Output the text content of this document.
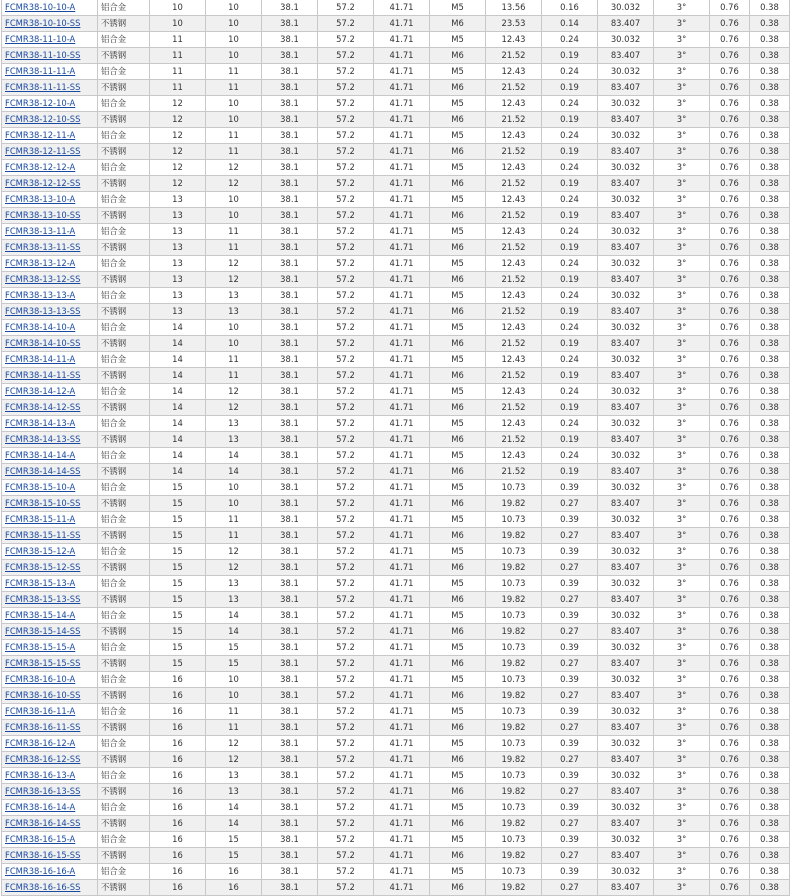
FCMR38-10-10-A	铝合金	10	10	38.1	57.2	41.71	M5	13.56	0.16	30.032	3°	0.76	0.38
FCMR38-10-10-SS	不锈钢	10	10	38.1	57.2	41.71	M6	23.53	0.14	83.407	3°	0.76	0.38
FCMR38-11-10-A	铝合金	11	10	38.1	57.2	41.71	M5	12.43	0.24	30.032	3°	0.76	0.38
FCMR38-11-10-SS	不锈钢	11	10	38.1	57.2	41.71	M6	21.52	0.19	83.407	3°	0.76	0.38
FCMR38-11-11-A	铝合金	11	11	38.1	57.2	41.71	M5	12.43	0.24	30.032	3°	0.76	0.38
FCMR38-11-11-SS	不锈钢	11	11	38.1	57.2	41.71	M6	21.52	0.19	83.407	3°	0.76	0.38
FCMR38-12-10-A	铝合金	12	10	38.1	57.2	41.71	M5	12.43	0.24	30.032	3°	0.76	0.38
FCMR38-12-10-SS	不锈钢	12	10	38.1	57.2	41.71	M6	21.52	0.19	83.407	3°	0.76	0.38
FCMR38-12-11-A	铝合金	12	11	38.1	57.2	41.71	M5	12.43	0.24	30.032	3°	0.76	0.38
FCMR38-12-11-SS	不锈钢	12	11	38.1	57.2	41.71	M6	21.52	0.19	83.407	3°	0.76	0.38
FCMR38-12-12-A	铝合金	12	12	38.1	57.2	41.71	M5	12.43	0.24	30.032	3°	0.76	0.38
FCMR38-12-12-SS	不锈钢	12	12	38.1	57.2	41.71	M6	21.52	0.19	83.407	3°	0.76	0.38
FCMR38-13-10-A	铝合金	13	10	38.1	57.2	41.71	M5	12.43	0.24	30.032	3°	0.76	0.38
FCMR38-13-10-SS	不锈钢	13	10	38.1	57.2	41.71	M6	21.52	0.19	83.407	3°	0.76	0.38
FCMR38-13-11-A	铝合金	13	11	38.1	57.2	41.71	M5	12.43	0.24	30.032	3°	0.76	0.38
FCMR38-13-11-SS	不锈钢	13	11	38.1	57.2	41.71	M6	21.52	0.19	83.407	3°	0.76	0.38
FCMR38-13-12-A	铝合金	13	12	38.1	57.2	41.71	M5	12.43	0.24	30.032	3°	0.76	0.38
FCMR38-13-12-SS	不锈钢	13	12	38.1	57.2	41.71	M6	21.52	0.19	83.407	3°	0.76	0.38
FCMR38-13-13-A	铝合金	13	13	38.1	57.2	41.71	M5	12.43	0.24	30.032	3°	0.76	0.38
FCMR38-13-13-SS	不锈钢	13	13	38.1	57.2	41.71	M6	21.52	0.19	83.407	3°	0.76	0.38
FCMR38-14-10-A	铝合金	14	10	38.1	57.2	41.71	M5	12.43	0.24	30.032	3°	0.76	0.38
FCMR38-14-10-SS	不锈钢	14	10	38.1	57.2	41.71	M6	21.52	0.19	83.407	3°	0.76	0.38
FCMR38-14-11-A	铝合金	14	11	38.1	57.2	41.71	M5	12.43	0.24	30.032	3°	0.76	0.38
FCMR38-14-11-SS	不锈钢	14	11	38.1	57.2	41.71	M6	21.52	0.19	83.407	3°	0.76	0.38
FCMR38-14-12-A	铝合金	14	12	38.1	57.2	41.71	M5	12.43	0.24	30.032	3°	0.76	0.38
FCMR38-14-12-SS	不锈钢	14	12	38.1	57.2	41.71	M6	21.52	0.19	83.407	3°	0.76	0.38
FCMR38-14-13-A	铝合金	14	13	38.1	57.2	41.71	M5	12.43	0.24	30.032	3°	0.76	0.38
FCMR38-14-13-SS	不锈钢	14	13	38.1	57.2	41.71	M6	21.52	0.19	83.407	3°	0.76	0.38
FCMR38-14-14-A	铝合金	14	14	38.1	57.2	41.71	M5	12.43	0.24	30.032	3°	0.76	0.38
FCMR38-14-14-SS	不锈钢	14	14	38.1	57.2	41.71	M6	21.52	0.19	83.407	3°	0.76	0.38
FCMR38-15-10-A	铝合金	15	10	38.1	57.2	41.71	M5	10.73	0.39	30.032	3°	0.76	0.38
FCMR38-15-10-SS	不锈钢	15	10	38.1	57.2	41.71	M6	19.82	0.27	83.407	3°	0.76	0.38
FCMR38-15-11-A	铝合金	15	11	38.1	57.2	41.71	M5	10.73	0.39	30.032	3°	0.76	0.38
FCMR38-15-11-SS	不锈钢	15	11	38.1	57.2	41.71	M6	19.82	0.27	83.407	3°	0.76	0.38
FCMR38-15-12-A	铝合金	15	12	38.1	57.2	41.71	M5	10.73	0.39	30.032	3°	0.76	0.38
FCMR38-15-12-SS	不锈钢	15	12	38.1	57.2	41.71	M6	19.82	0.27	83.407	3°	0.76	0.38
FCMR38-15-13-A	铝合金	15	13	38.1	57.2	41.71	M5	10.73	0.39	30.032	3°	0.76	0.38
FCMR38-15-13-SS	不锈钢	15	13	38.1	57.2	41.71	M6	19.82	0.27	83.407	3°	0.76	0.38
FCMR38-15-14-A	铝合金	15	14	38.1	57.2	41.71	M5	10.73	0.39	30.032	3°	0.76	0.38
FCMR38-15-14-SS	不锈钢	15	14	38.1	57.2	41.71	M6	19.82	0.27	83.407	3°	0.76	0.38
FCMR38-15-15-A	铝合金	15	15	38.1	57.2	41.71	M5	10.73	0.39	30.032	3°	0.76	0.38
FCMR38-15-15-SS	不锈钢	15	15	38.1	57.2	41.71	M6	19.82	0.27	83.407	3°	0.76	0.38
FCMR38-16-10-A	铝合金	16	10	38.1	57.2	41.71	M5	10.73	0.39	30.032	3°	0.76	0.38
FCMR38-16-10-SS	不锈钢	16	10	38.1	57.2	41.71	M6	19.82	0.27	83.407	3°	0.76	0.38
FCMR38-16-11-A	铝合金	16	11	38.1	57.2	41.71	M5	10.73	0.39	30.032	3°	0.76	0.38
FCMR38-16-11-SS	不锈钢	16	11	38.1	57.2	41.71	M6	19.82	0.27	83.407	3°	0.76	0.38
FCMR38-16-12-A	铝合金	16	12	38.1	57.2	41.71	M5	10.73	0.39	30.032	3°	0.76	0.38
FCMR38-16-12-SS	不锈钢	16	12	38.1	57.2	41.71	M6	19.82	0.27	83.407	3°	0.76	0.38
FCMR38-16-13-A	铝合金	16	13	38.1	57.2	41.71	M5	10.73	0.39	30.032	3°	0.76	0.38
FCMR38-16-13-SS	不锈钢	16	13	38.1	57.2	41.71	M6	19.82	0.27	83.407	3°	0.76	0.38
FCMR38-16-14-A	铝合金	16	14	38.1	57.2	41.71	M5	10.73	0.39	30.032	3°	0.76	0.38
FCMR38-16-14-SS	不锈钢	16	14	38.1	57.2	41.71	M6	19.82	0.27	83.407	3°	0.76	0.38
FCMR38-16-15-A	铝合金	16	15	38.1	57.2	41.71	M5	10.73	0.39	30.032	3°	0.76	0.38
FCMR38-16-15-SS	不锈钢	16	15	38.1	57.2	41.71	M6	19.82	0.27	83.407	3°	0.76	0.38
FCMR38-16-16-A	铝合金	16	16	38.1	57.2	41.71	M5	10.73	0.39	30.032	3°	0.76	0.38
FCMR38-16-16-SS	不锈钢	16	16	38.1	57.2	41.71	M6	19.82	0.27	83.407	3°	0.76	0.38
